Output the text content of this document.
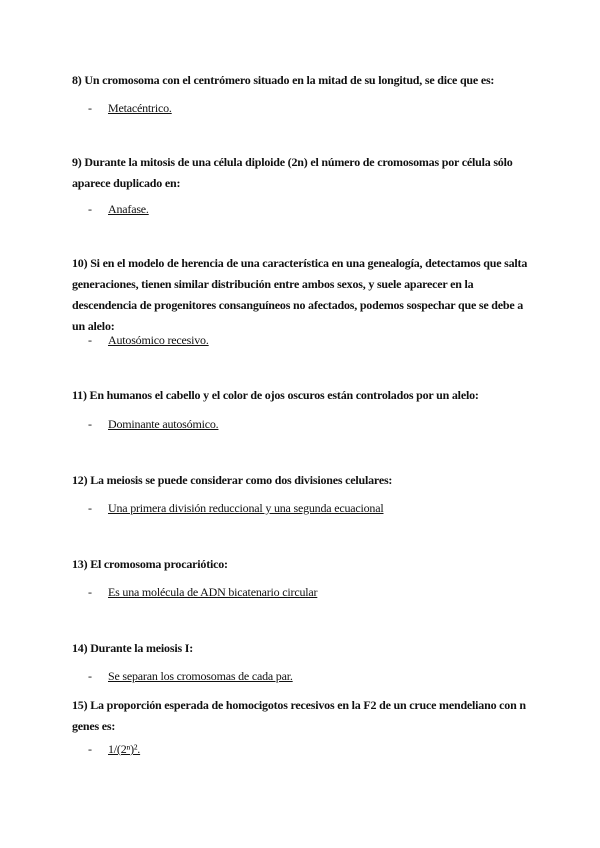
8) Un cromosoma con el centrómero situado en la mitad de su longitud, se dice que es:
- Metacéntrico.
9) Durante la mitosis de una célula diploide (2n) el número de cromosomas por célula sólo aparece duplicado en:
- Anafase.
10) Si en el modelo de herencia de una característica en una genealogía, detectamos que salta generaciones, tienen similar distribución entre ambos sexos, y suele aparecer en la descendencia de progenitores consanguíneos no afectados, podemos sospechar que se debe a un alelo:
- Autosómico recesivo.
11) En humanos el cabello y el color de ojos oscuros están controlados por un alelo:
- Dominante autosómico.
12) La meiosis se puede considerar como dos divisiones celulares:
- Una primera división reduccional y una segunda ecuacional
13) El cromosoma procariótico:
- Es una molécula de ADN bicatenario circular
14) Durante la meiosis I:
- Se separan los cromosomas de cada par.
15) La proporción esperada de homocigotos recesivos en la F2 de un cruce mendeliano con n genes es:
- 1/(2ⁿ)².
